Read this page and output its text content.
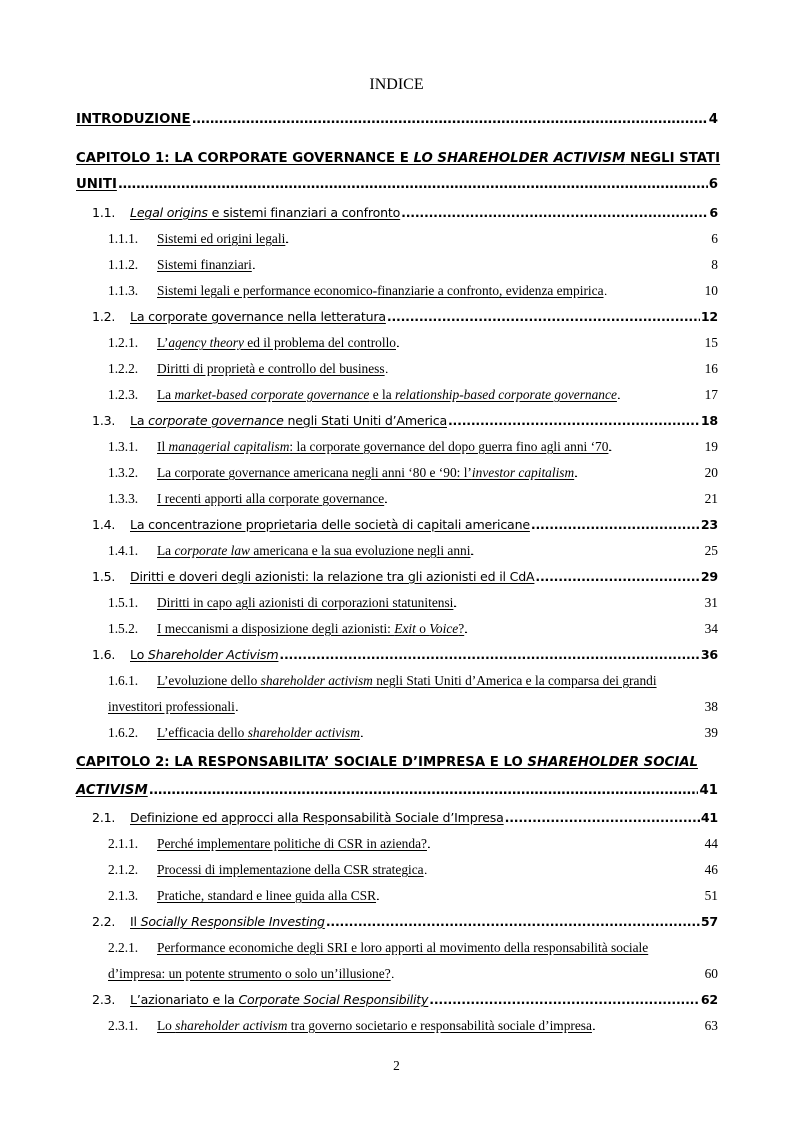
INDICE
INTRODUZIONE . . .	4
CAPITOLO 1: LA CORPORATE GOVERNANCE E LO SHAREHOLDER ACTIVISM NEGLI STATI
UNITI . . .	6
1.1.	Legal origins e sistemi finanziari a confronto . . .	6
1.1.1.	Sistemi ed origini legali . . .	6
1.1.2.	Sistemi finanziari . . .	8
1.1.3.	Sistemi legali e performance economico-finanziarie a confronto, evidenza empirica . . .	10
1.2.	La corporate governance nella letteratura . . .	12
1.2.1.	L’agency theory ed il problema del controllo . . .	15
1.2.2.	Diritti di proprietà e controllo del business . . .	16
1.2.3.	La market-based corporate governance e la relationship-based corporate governance . . .	17
1.3.	La corporate governance negli Stati Uniti d’America . . .	18
1.3.1.	Il managerial capitalism: la corporate governance del dopo guerra fino agli anni ‘70 . . .	19
1.3.2.	La corporate governance americana negli anni ‘80 e ‘90: l’investor capitalism . . .	20
1.3.3.	I recenti apporti alla corporate governance . . .	21
1.4.	La concentrazione proprietaria delle società di capitali americane . . .	23
1.4.1.	La corporate law americana e la sua evoluzione negli anni . . .	25
1.5.	Diritti e doveri degli azionisti: la relazione tra gli azionisti ed il CdA . . .	29
1.5.1.	Diritti in capo agli azionisti di corporazioni statunitensi . . .	31
1.5.2.	I meccanismi a disposizione degli azionisti: Exit o Voice? . . .	34
1.6.	Lo Shareholder Activism . . .	36
1.6.1. L’evoluzione dello shareholder activism negli Stati Uniti d’America e la comparsa dei grandi
investitori professionali . . .	38
1.6.2.	L’efficacia dello shareholder activism . . .	39
CAPITOLO 2: LA RESPONSABILITA’ SOCIALE D’IMPRESA E LO SHAREHOLDER SOCIAL
ACTIVISM . . .	41
2.1.	Definizione ed approcci alla Responsabilità Sociale d’Impresa . . .	41
2.1.1.	Perché implementare politiche di CSR in azienda? . . .	44
2.1.2.	Processi di implementazione della CSR strategica . . .	46
2.1.3.	Pratiche, standard e linee guida alla CSR . . .	51
2.2.	Il Socially Responsible Investing . . .	57
2.2.1. Performance economiche degli SRI e loro apporti al movimento della responsabilità sociale
d’impresa: un potente strumento o solo un’illusione? . . .	60
2.3.	L’azionariato e la Corporate Social Responsibility . . .	62
2.3.1.	Lo shareholder activism tra governo societario e responsabilità sociale d’impresa . . .	63
2
